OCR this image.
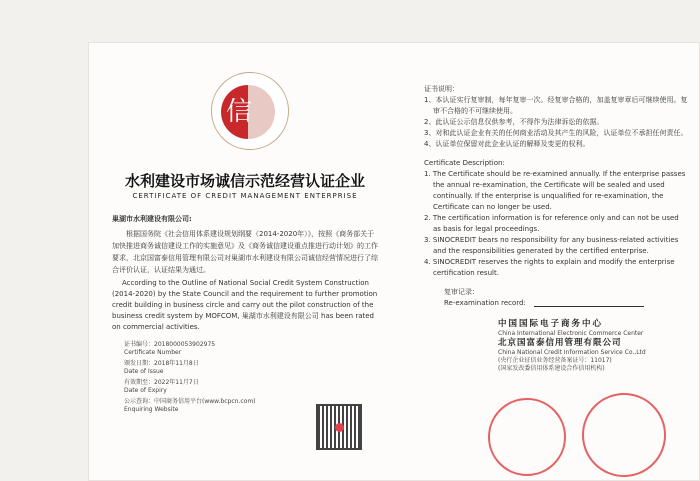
信
水利建设市场诚信示范经营认证企业
CERTIFICATE OF CREDIT MANAGEMENT ENTERPRISE
巢湖市水利建设有限公司:
根据国务院《社会信用体系建设规划纲要（2014-2020年）》，按照《商务部关于加快推进商务诚信建设工作的实施意见》及《商务诚信建设重点推进行动计划》的工作要求，北京国富泰信用管理有限公司对巢湖市水利建设有限公司诚信经营情况进行了综合评价认证，认证结果为通过。
According to the Outline of National Social Credit System Construction (2014-2020) by the State Council and the requirement to further promotion credit building in business circle and carry out the pilot construction of the business credit system by MOFCOM, 巢湖市水利建设有限公司 has been rated on commercial activities.
证书编号：2018000053902975
Certificate Number
颁发日期：2018年11月8日
Date of Issue
有效期至：2022年11月7日
Date of Expiry
公示查询：中国商务信用平台(www.bcpcn.com)
Enquiring Website
证书说明：
1、本认证实行复审制，每年复审一次。经复审合格的，加盖复审章后可继续使用。复审不合格的不可继续使用。
2、此认证公示信息仅供参考，不得作为法律诉讼的依据。
3、对和此认证企业有关的任何商业活动及其产生的风险，认证单位不承担任何责任。
4、认证单位保留对此企业认证的解释及变更的权利。
Certificate Description:
1. The Certificate should be re-examined annually. If the enterprise passes the annual re-examination, the Certificate will be sealed and used continually. If the enterprise is unqualified for re-examination, the Certificate can no longer be used.
2. The certification information is for reference only and can not be used as basis for legal proceedings.
3. SINOCREDIT bears no responsibility for any business-related activities and the responsibilities generated by the certified enterprise.
4. SINOCREDIT reserves the rights to explain and modify the enterprise certification result.
复审记录：
Re-examination record:
中国国际电子商务中心
China International Electronic Commerce Center
北京国富泰信用管理有限公司
China National Credit Information Service Co.,Ltd
(央行企业征信业务经营备案证号：11017)
(国家发改委信用体系建设合作信用机构)
